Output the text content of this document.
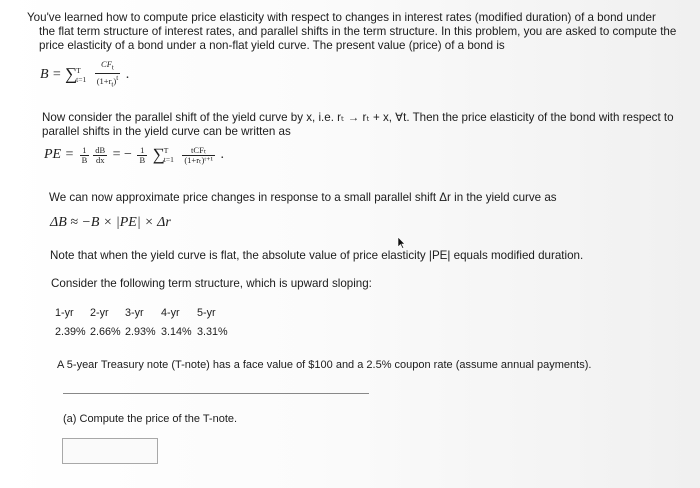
You've learned how to compute price elasticity with respect to changes in interest rates (modified duration) of a bond under
the flat term structure of interest rates, and parallel shifts in the term structure. In this problem, you are asked to compute the
price elasticity of a bond under a non-flat yield curve. The present value (price) of a bond is
B = ∑ T
t=1
$\frac{CF_t}{(1+r_t)^t}$ .
Now consider the parallel shift of the yield curve by x, i.e. rₜ → rₜ + x, ∀t. Then the price elasticity of the bond with respect to
parallel shifts in the yield curve can be written as
PE = $\frac{1}{B} \frac{dB}{dx}$ = − $\frac{1}{B}$ ∑ T
t=1
$\frac{\text{tCFₜ}}{\text{(1+rₜ)ᵗ⁺¹}}$ .
We can now approximate price changes in response to a small parallel shift Δr in the yield curve as
ΔB ≈ −B × |PE| × Δr
Note that when the yield curve is flat, the absolute value of price elasticity |PE| equals modified duration.
Consider the following term structure, which is upward sloping:
1-yr 2-yr 3-yr 4-yr 5-yr
2.39% 2.66% 2.93% 3.14% 3.31%
A 5-year Treasury note (T-note) has a face value of $100 and a 2.5% coupon rate (assume annual payments).
(a) Compute the price of the T-note.
